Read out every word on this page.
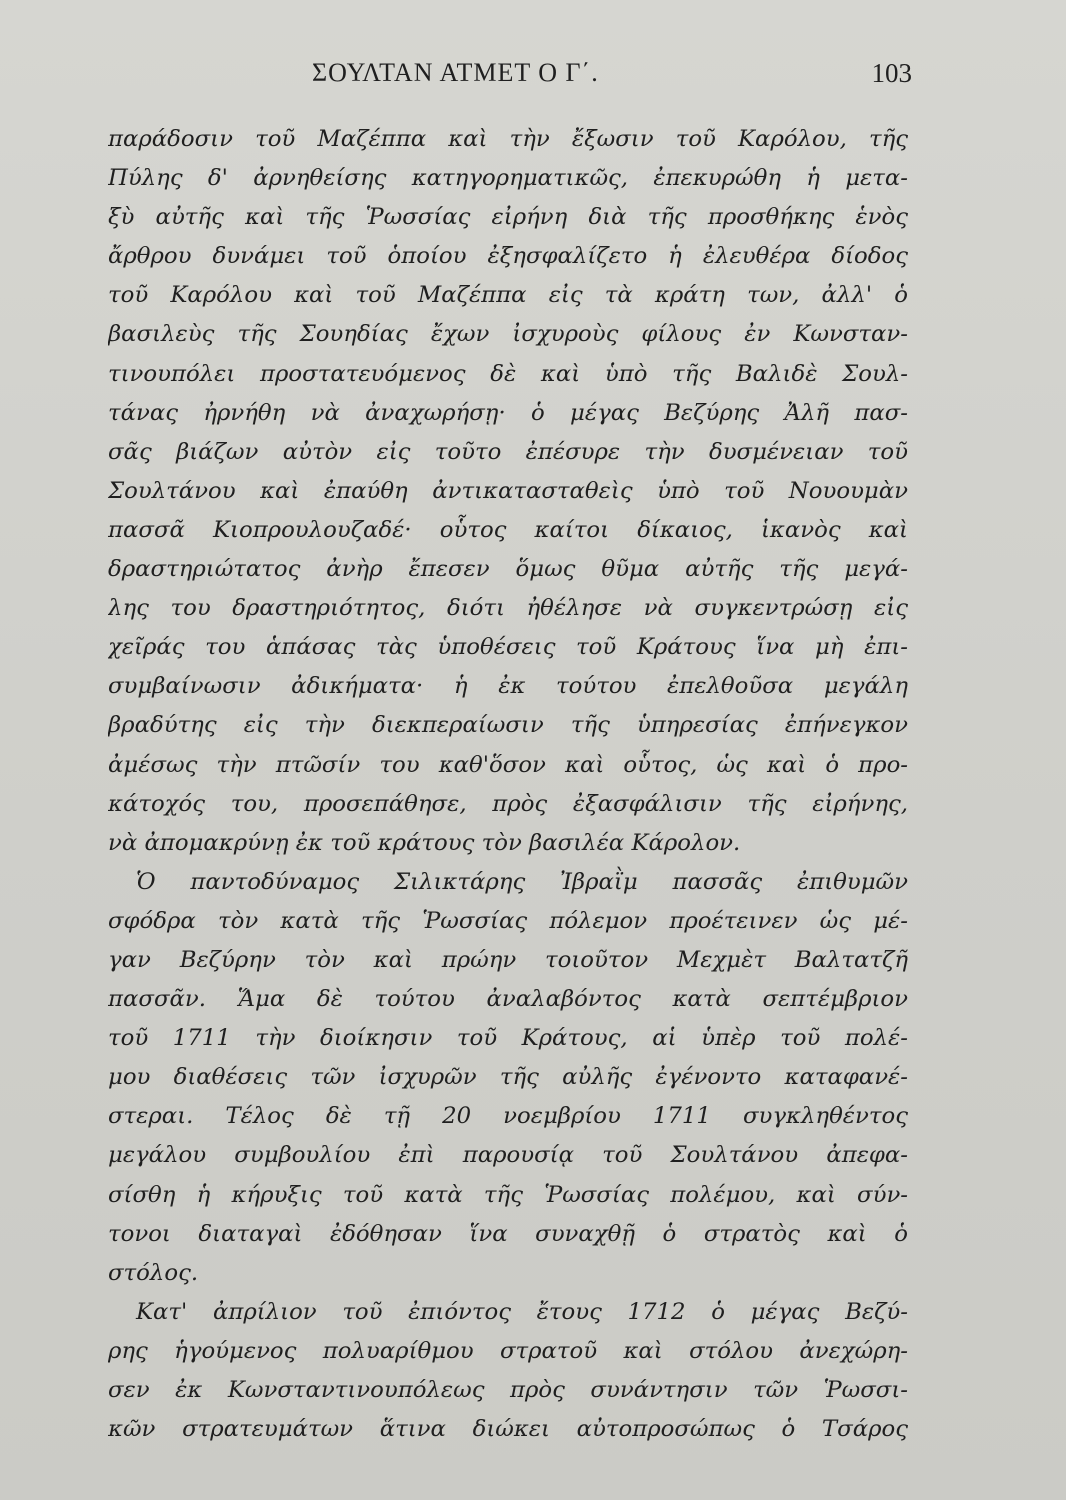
ΣΟΥΛΤΑΝ ΑΤΜΕΤ Ο Γ΄.	103
παράδοσιν τοῦ Μαζέππα καὶ τὴν ἔξωσιν τοῦ Καρόλου, τῆς
Πύλης δ' ἀρνηθείσης κατηγορηματικῶς, ἐπεκυρώθη ἡ μετα-
ξὺ αὐτῆς καὶ τῆς Ῥωσσίας εἰρήνη διὰ τῆς προσθήκης ἑνὸς
ἄρθρου δυνάμει τοῦ ὁποίου ἐξησφαλίζετο ἡ ἐλευθέρα δίοδος
τοῦ Καρόλου καὶ τοῦ Μαζέππα εἰς τὰ κράτη των, ἀλλ' ὁ
βασιλεὺς τῆς Σουηδίας ἔχων ἰσχυροὺς φίλους ἐν Κωνσταν-
τινουπόλει προστατευόμενος δὲ καὶ ὑπὸ τῆς Βαλιδὲ Σουλ-
τάνας ἠρνήθη νὰ ἀναχωρήσῃ· ὁ μέγας Βεζύρης Ἀλῆ πασ-
σᾶς βιάζων αὐτὸν εἰς τοῦτο ἐπέσυρε τὴν δυσμένειαν τοῦ
Σουλτάνου καὶ ἐπαύθη ἀντικατασταθεὶς ὑπὸ τοῦ Νουουμὰν
πασσᾶ Κιοπρουλουζαδέ· οὗτος καίτοι δίκαιος, ἱκανὸς καὶ
δραστηριώτατος ἀνὴρ ἔπεσεν ὅμως θῦμα αὐτῆς τῆς μεγά-
λης του δραστηριότητος, διότι ἠθέλησε νὰ συγκεντρώσῃ εἰς
χεῖράς του ἁπάσας τὰς ὑποθέσεις τοῦ Κράτους ἵνα μὴ ἐπι-
συμβαίνωσιν ἀδικήματα· ἡ ἐκ τούτου ἐπελθοῦσα μεγάλη
βραδύτης εἰς τὴν διεκπεραίωσιν τῆς ὑπηρεσίας ἐπήνεγκον
ἀμέσως τὴν πτῶσίν του καθ'ὅσον καὶ οὗτος, ὡς καὶ ὁ προ-
κάτοχός του, προσεπάθησε, πρὸς ἐξασφάλισιν τῆς εἰρήνης,
νὰ ἀπομακρύνῃ ἐκ τοῦ κράτους τὸν βασιλέα Κάρολον.
Ὁ παντοδύναμος Σιλικτάρης Ἰβραῒμ πασσᾶς ἐπιθυμῶν
σφόδρα τὸν κατὰ τῆς Ῥωσσίας πόλεμον προέτεινεν ὡς μέ-
γαν Βεζύρην τὸν καὶ πρώην τοιοῦτον Μεχμὲτ Βαλτατζῆ
πασσᾶν. Ἅμα δὲ τούτου ἀναλαβόντος κατὰ σεπτέμβριον
τοῦ 1711 τὴν διοίκησιν τοῦ Κράτους, αἱ ὑπὲρ τοῦ πολέ-
μου διαθέσεις τῶν ἰσχυρῶν τῆς αὐλῆς ἐγένοντο καταφανέ-
στεραι. Τέλος δὲ τῇ 20 νοεμβρίου 1711 συγκληθέντος
μεγάλου συμβουλίου ἐπὶ παρουσίᾳ τοῦ Σουλτάνου ἀπεφα-
σίσθη ἡ κήρυξις τοῦ κατὰ τῆς Ῥωσσίας πολέμου, καὶ σύν-
τονοι διαταγαὶ ἐδόθησαν ἵνα συναχθῇ ὁ στρατὸς καὶ ὁ
στόλος.
Κατ' ἀπρίλιον τοῦ ἐπιόντος ἔτους 1712 ὁ μέγας Βεζύ-
ρης ἡγούμενος πολυαρίθμου στρατοῦ καὶ στόλου ἀνεχώρη-
σεν ἐκ Κωνσταντινουπόλεως πρὸς συνάντησιν τῶν Ῥωσσι-
κῶν στρατευμάτων ἅτινα διώκει αὐτοπροσώπως ὁ Τσάρος
